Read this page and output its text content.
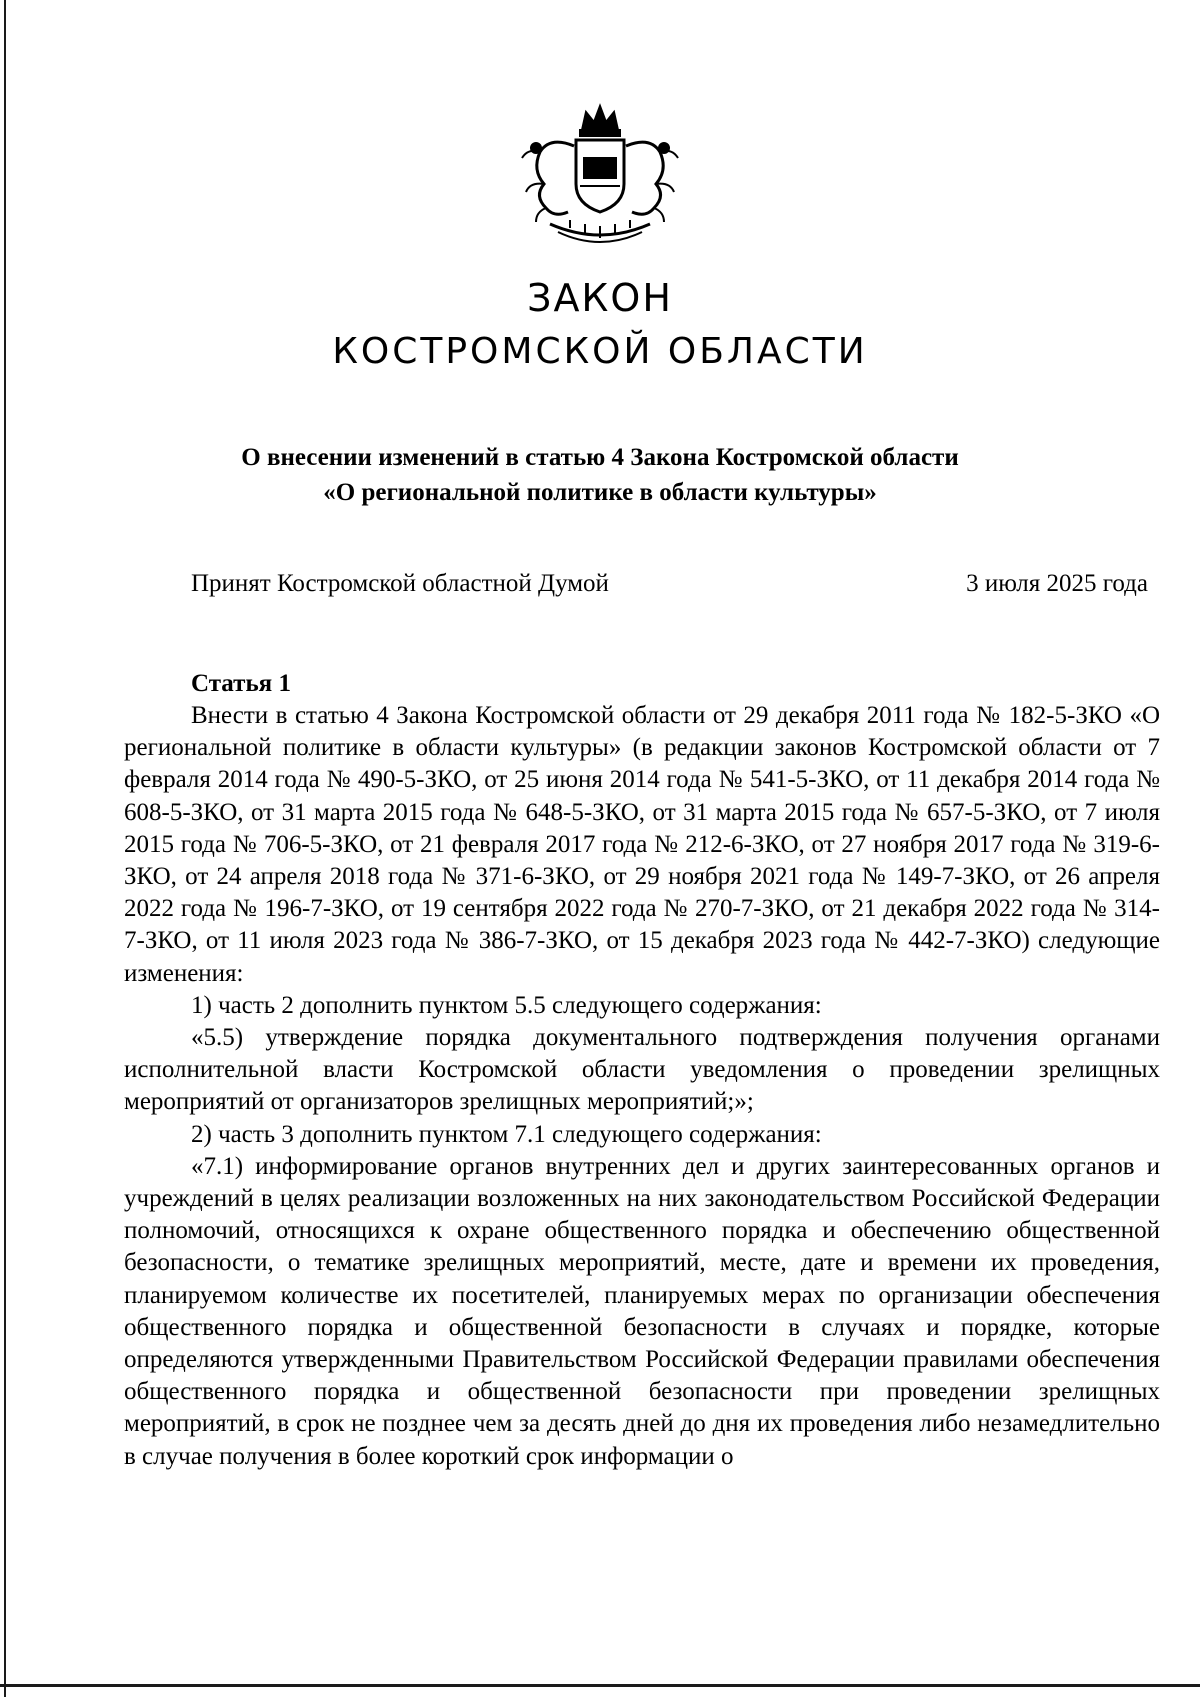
ЗАКОН
КОСТРОМСКОЙ ОБЛАСТИ
О внесении изменений в статью 4 Закона Костромской области
«О региональной политике в области культуры»
Принят Костромской областной Думой	3 июля 2025 года
Статья 1

Внести в статью 4 Закона Костромской области от 29 декабря 2011 года № 182-5-ЗКО «О региональной политике в области культуры» (в редакции законов Костромской области от 7 февраля 2014 года № 490-5-ЗКО, от 25 июня 2014 года № 541-5-ЗКО, от 11 декабря 2014 года № 608-5-ЗКО, от 31 марта 2015 года № 648-5-ЗКО, от 31 марта 2015 года № 657-5-ЗКО, от 7 июля 2015 года № 706-5-ЗКО, от 21 февраля 2017 года № 212-6-ЗКО, от 27 ноября 2017 года № 319-6-ЗКО, от 24 апреля 2018 года № 371-6-ЗКО, от 29 ноября 2021 года № 149-7-ЗКО, от 26 апреля 2022 года № 196-7-ЗКО, от 19 сентября 2022 года № 270-7-ЗКО, от 21 декабря 2022 года № 314-7-ЗКО, от 11 июля 2023 года № 386-7-ЗКО, от 15 декабря 2023 года № 442-7-ЗКО) следующие изменения:

1) часть 2 дополнить пунктом 5.5 следующего содержания:

«5.5) утверждение порядка документального подтверждения получения органами исполнительной власти Костромской области уведомления о проведении зрелищных мероприятий от организаторов зрелищных мероприятий;»;

2) часть 3 дополнить пунктом 7.1 следующего содержания:

«7.1) информирование органов внутренних дел и других заинтересованных органов и учреждений в целях реализации возложенных на них законодательством Российской Федерации полномочий, относящихся к охране общественного порядка и обеспечению общественной безопасности, о тематике зрелищных мероприятий, месте, дате и времени их проведения, планируемом количестве их посетителей, планируемых мерах по организации обеспечения общественного порядка и общественной безопасности в случаях и порядке, которые определяются утвержденными Правительством Российской Федерации правилами обеспечения общественного порядка и общественной безопасности при проведении зрелищных мероприятий, в срок не позднее чем за десять дней до дня их проведения либо незамедлительно в случае получения в более короткий срок информации о
